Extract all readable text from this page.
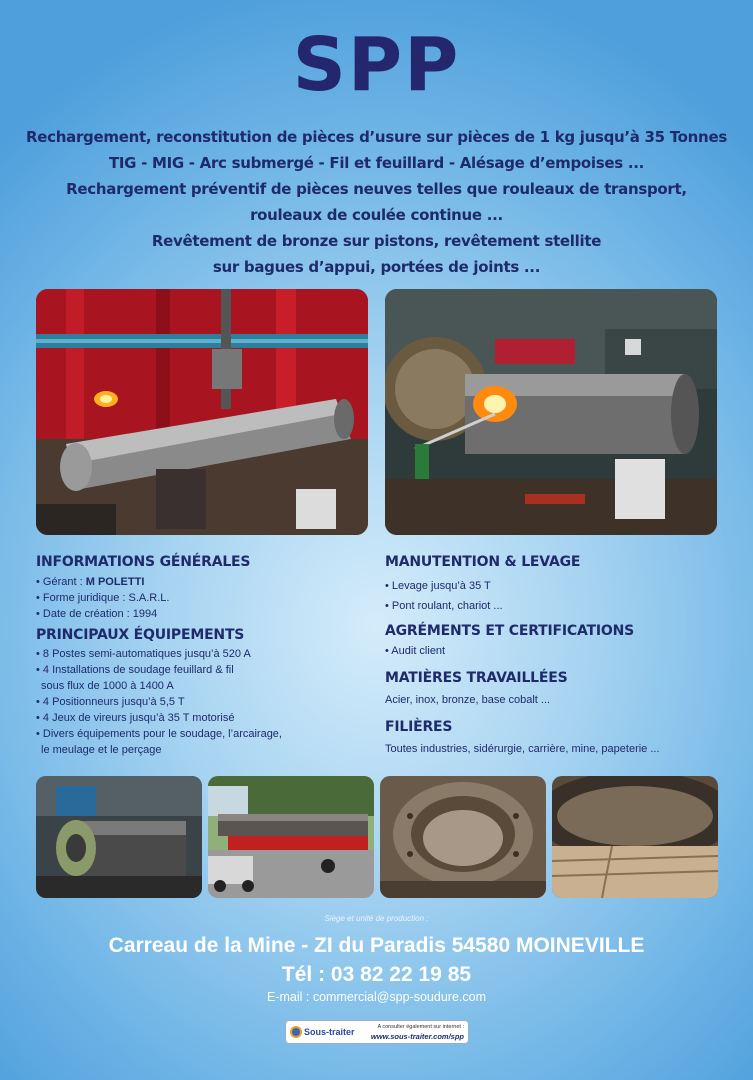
SPP
Rechargement, reconstitution de pièces d’usure sur pièces de 1 kg jusqu’à 35 Tonnes
TIG - MIG - Arc submergé - Fil et feuillard - Alésage d’empoises ...
Rechargement préventif de pièces neuves telles que rouleaux de transport,
rouleaux de coulée continue ...
Revêtement de bronze sur pistons, revêtement stellite
sur bagues d’appui, portées de joints ...
INFORMATIONS GÉNÉRALES
• Gérant : M POLETTI
• Forme juridique : S.A.R.L.
• Date de création : 1994
PRINCIPAUX ÉQUIPEMENTS
• 8 Postes semi-automatiques jusqu’à 520 A
• 4 Installations de soudage feuillard & fil
sous flux de 1000 à 1400 A
• 4 Positionneurs jusqu’à 5,5 T
• 4 Jeux de vireurs jusqu’à 35 T motorisé
• Divers équipements pour le soudage, l’arcairage,
le meulage et le perçage
MANUTENTION & LEVAGE
• Levage jusqu’à 35 T
• Pont roulant, chariot ...
AGRÉMENTS ET CERTIFICATIONS
• Audit client
MATIÈRES TRAVAILLÉES
Acier, inox, bronze, base cobalt ...
FILIÈRES
Toutes industries, sidérurgie, carrière, mine, papeterie ...
Siège et unité de production :
Carreau de la Mine - ZI du Paradis 54580 MOINEVILLE
Tél : 03 82 22 19 85
E-mail : commercial@spp-soudure.com
Sous-traiter	A consulter également sur internet :
www.sous-traiter.com/spp
